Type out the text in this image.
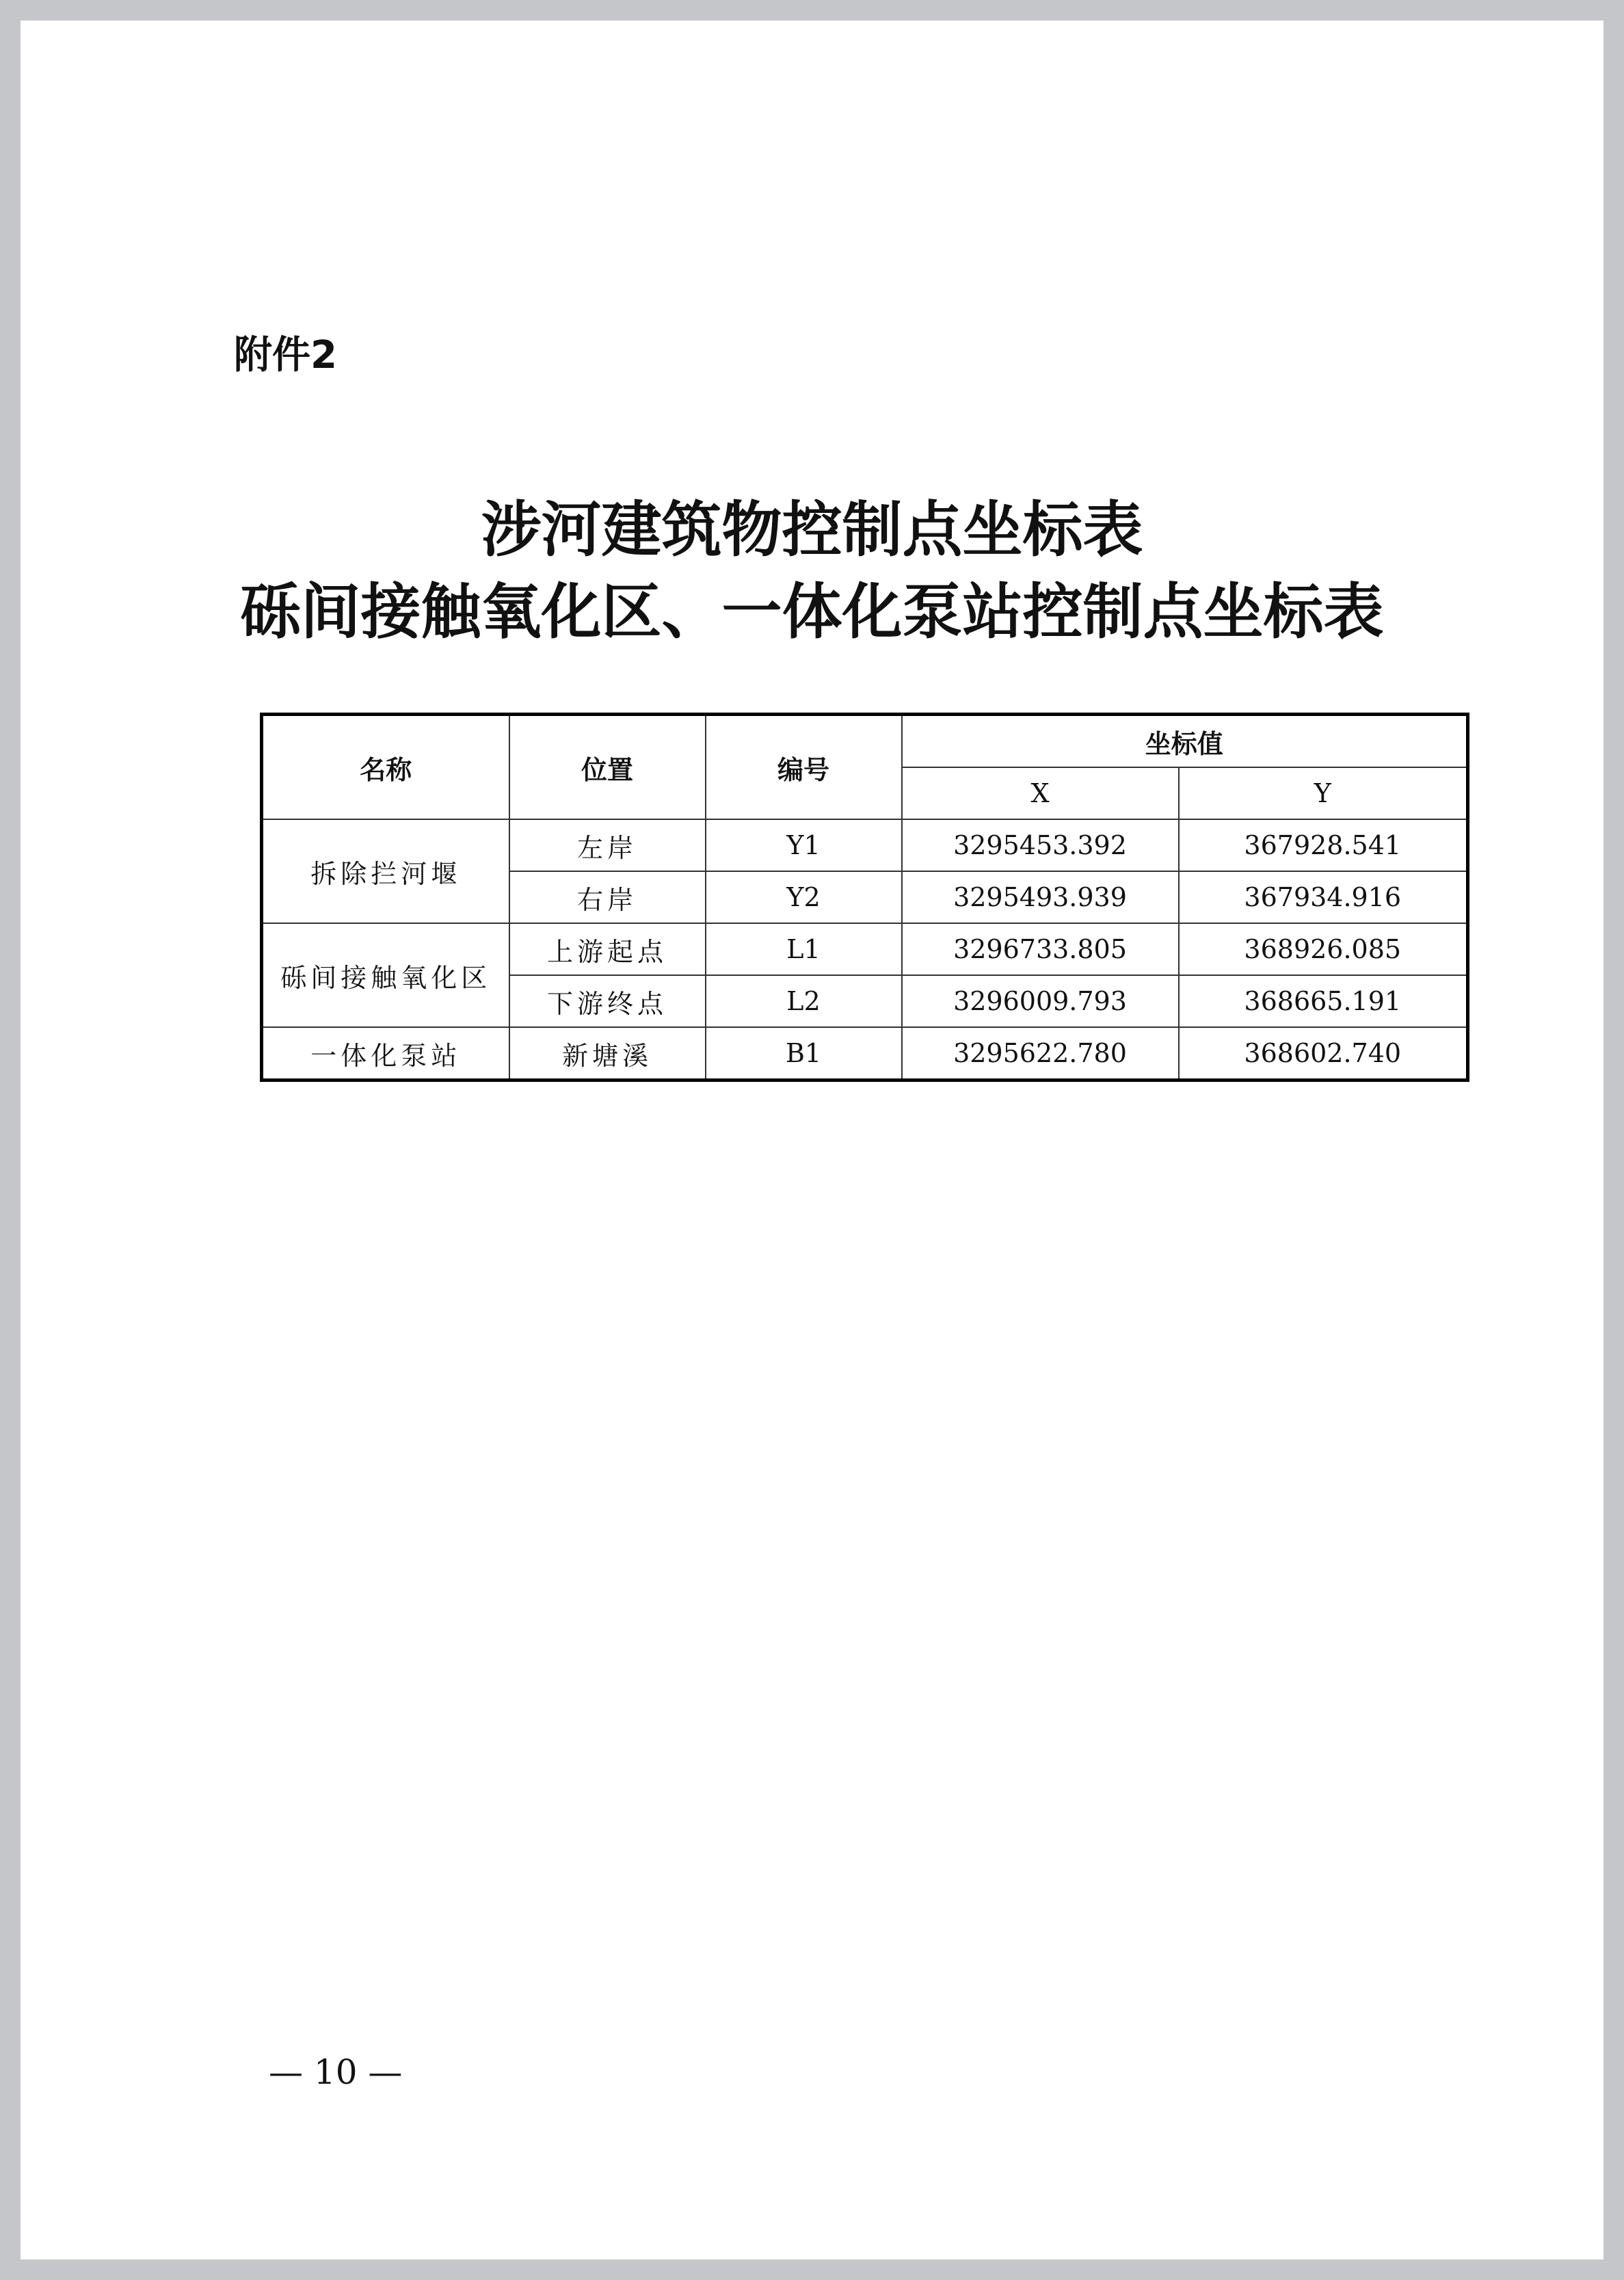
附件2
涉河建筑物控制点坐标表
砾间接触氧化区、一体化泵站控制点坐标表
名称	位置	编号	坐标值	
			X	Y
拆除拦河堰	左岸	Y1	3295453.392	367928.541
	右岸	Y2	3295493.939	367934.916
砾间接触氧化区	上游起点	L1	3296733.805	368926.085
	下游终点	L2	3296009.793	368665.191
一体化泵站	新塘溪	B1	3295622.780	368602.740
— 10 —
